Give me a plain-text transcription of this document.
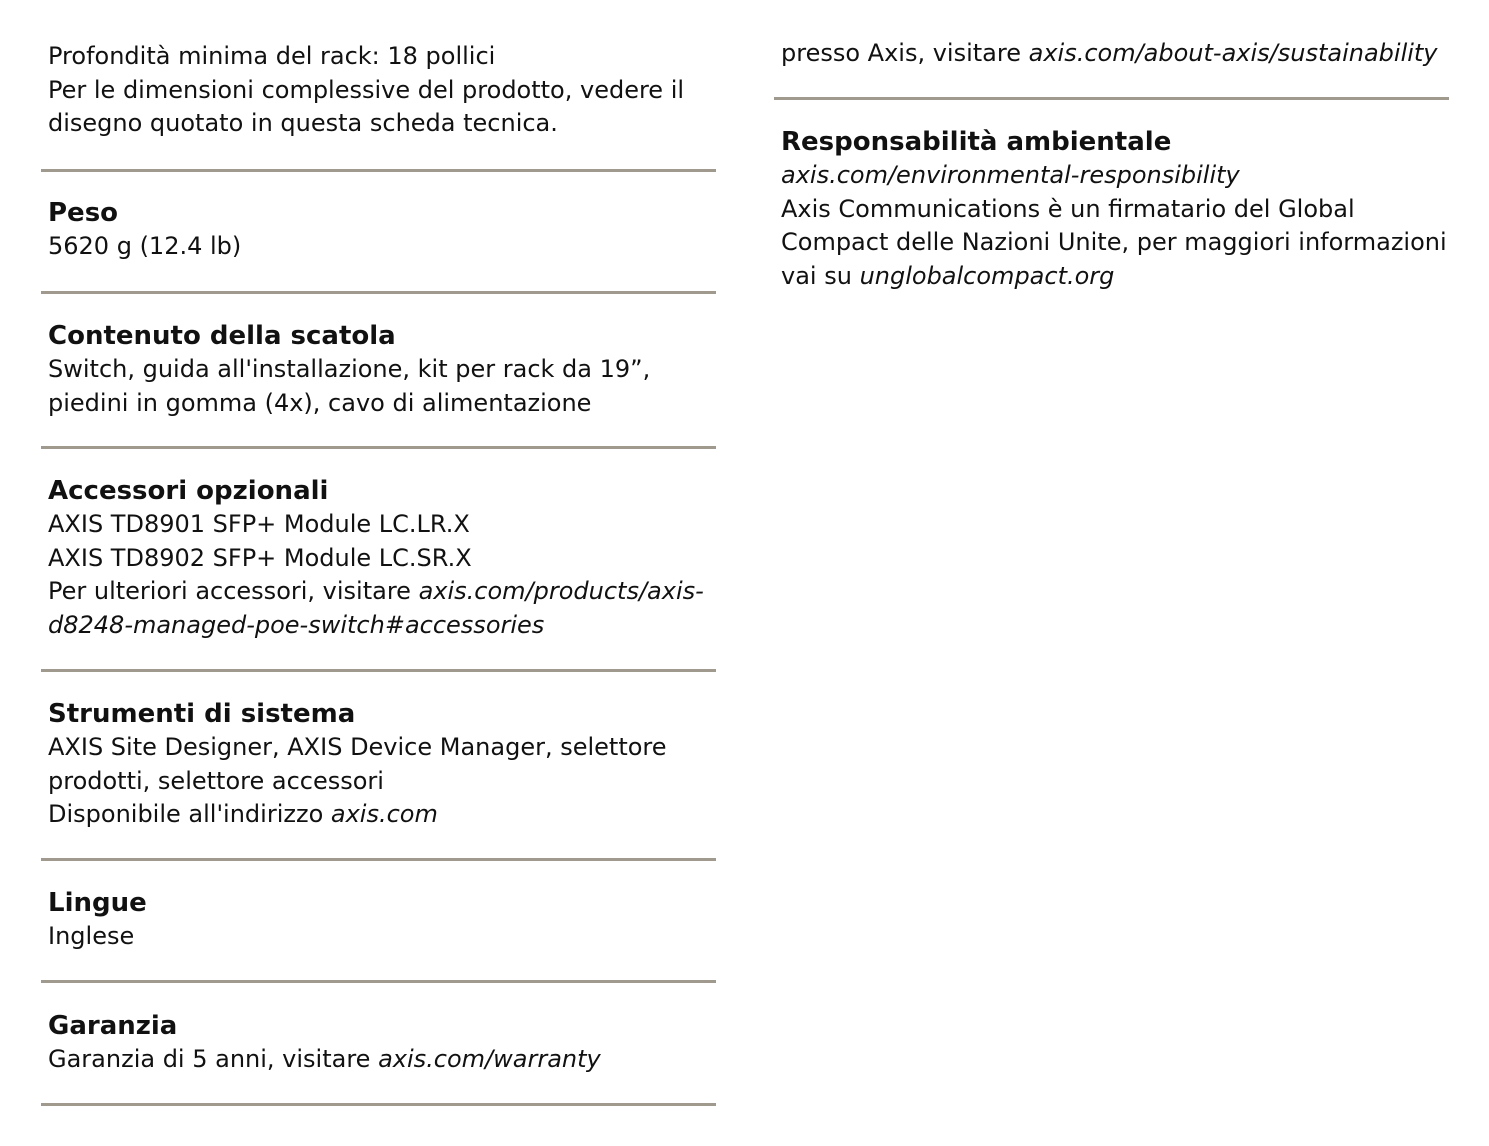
Profondità minima del rack: 18 pollici
Per le dimensioni complessive del prodotto, vedere il
disegno quotato in questa scheda tecnica.
Peso
5620 g (12.4 lb)
Contenuto della scatola
Switch, guida all'installazione, kit per rack da 19”,
piedini in gomma (4x), cavo di alimentazione
Accessori opzionali
AXIS TD8901 SFP+ Module LC.LR.X
AXIS TD8902 SFP+ Module LC.SR.X
Per ulteriori accessori, visitare axis.com/products/axis-
d8248-managed-poe-switch#accessories
Strumenti di sistema
AXIS Site Designer, AXIS Device Manager, selettore
prodotti, selettore accessori
Disponibile all'indirizzo axis.com
Lingue
Inglese
Garanzia
Garanzia di 5 anni, visitare axis.com/warranty
presso Axis, visitare axis.com/about-axis/sustainability
Responsabilità ambientale
axis.com/environmental-responsibility
Axis Communications è un firmatario del Global
Compact delle Nazioni Unite, per maggiori informazioni
vai su unglobalcompact.org
